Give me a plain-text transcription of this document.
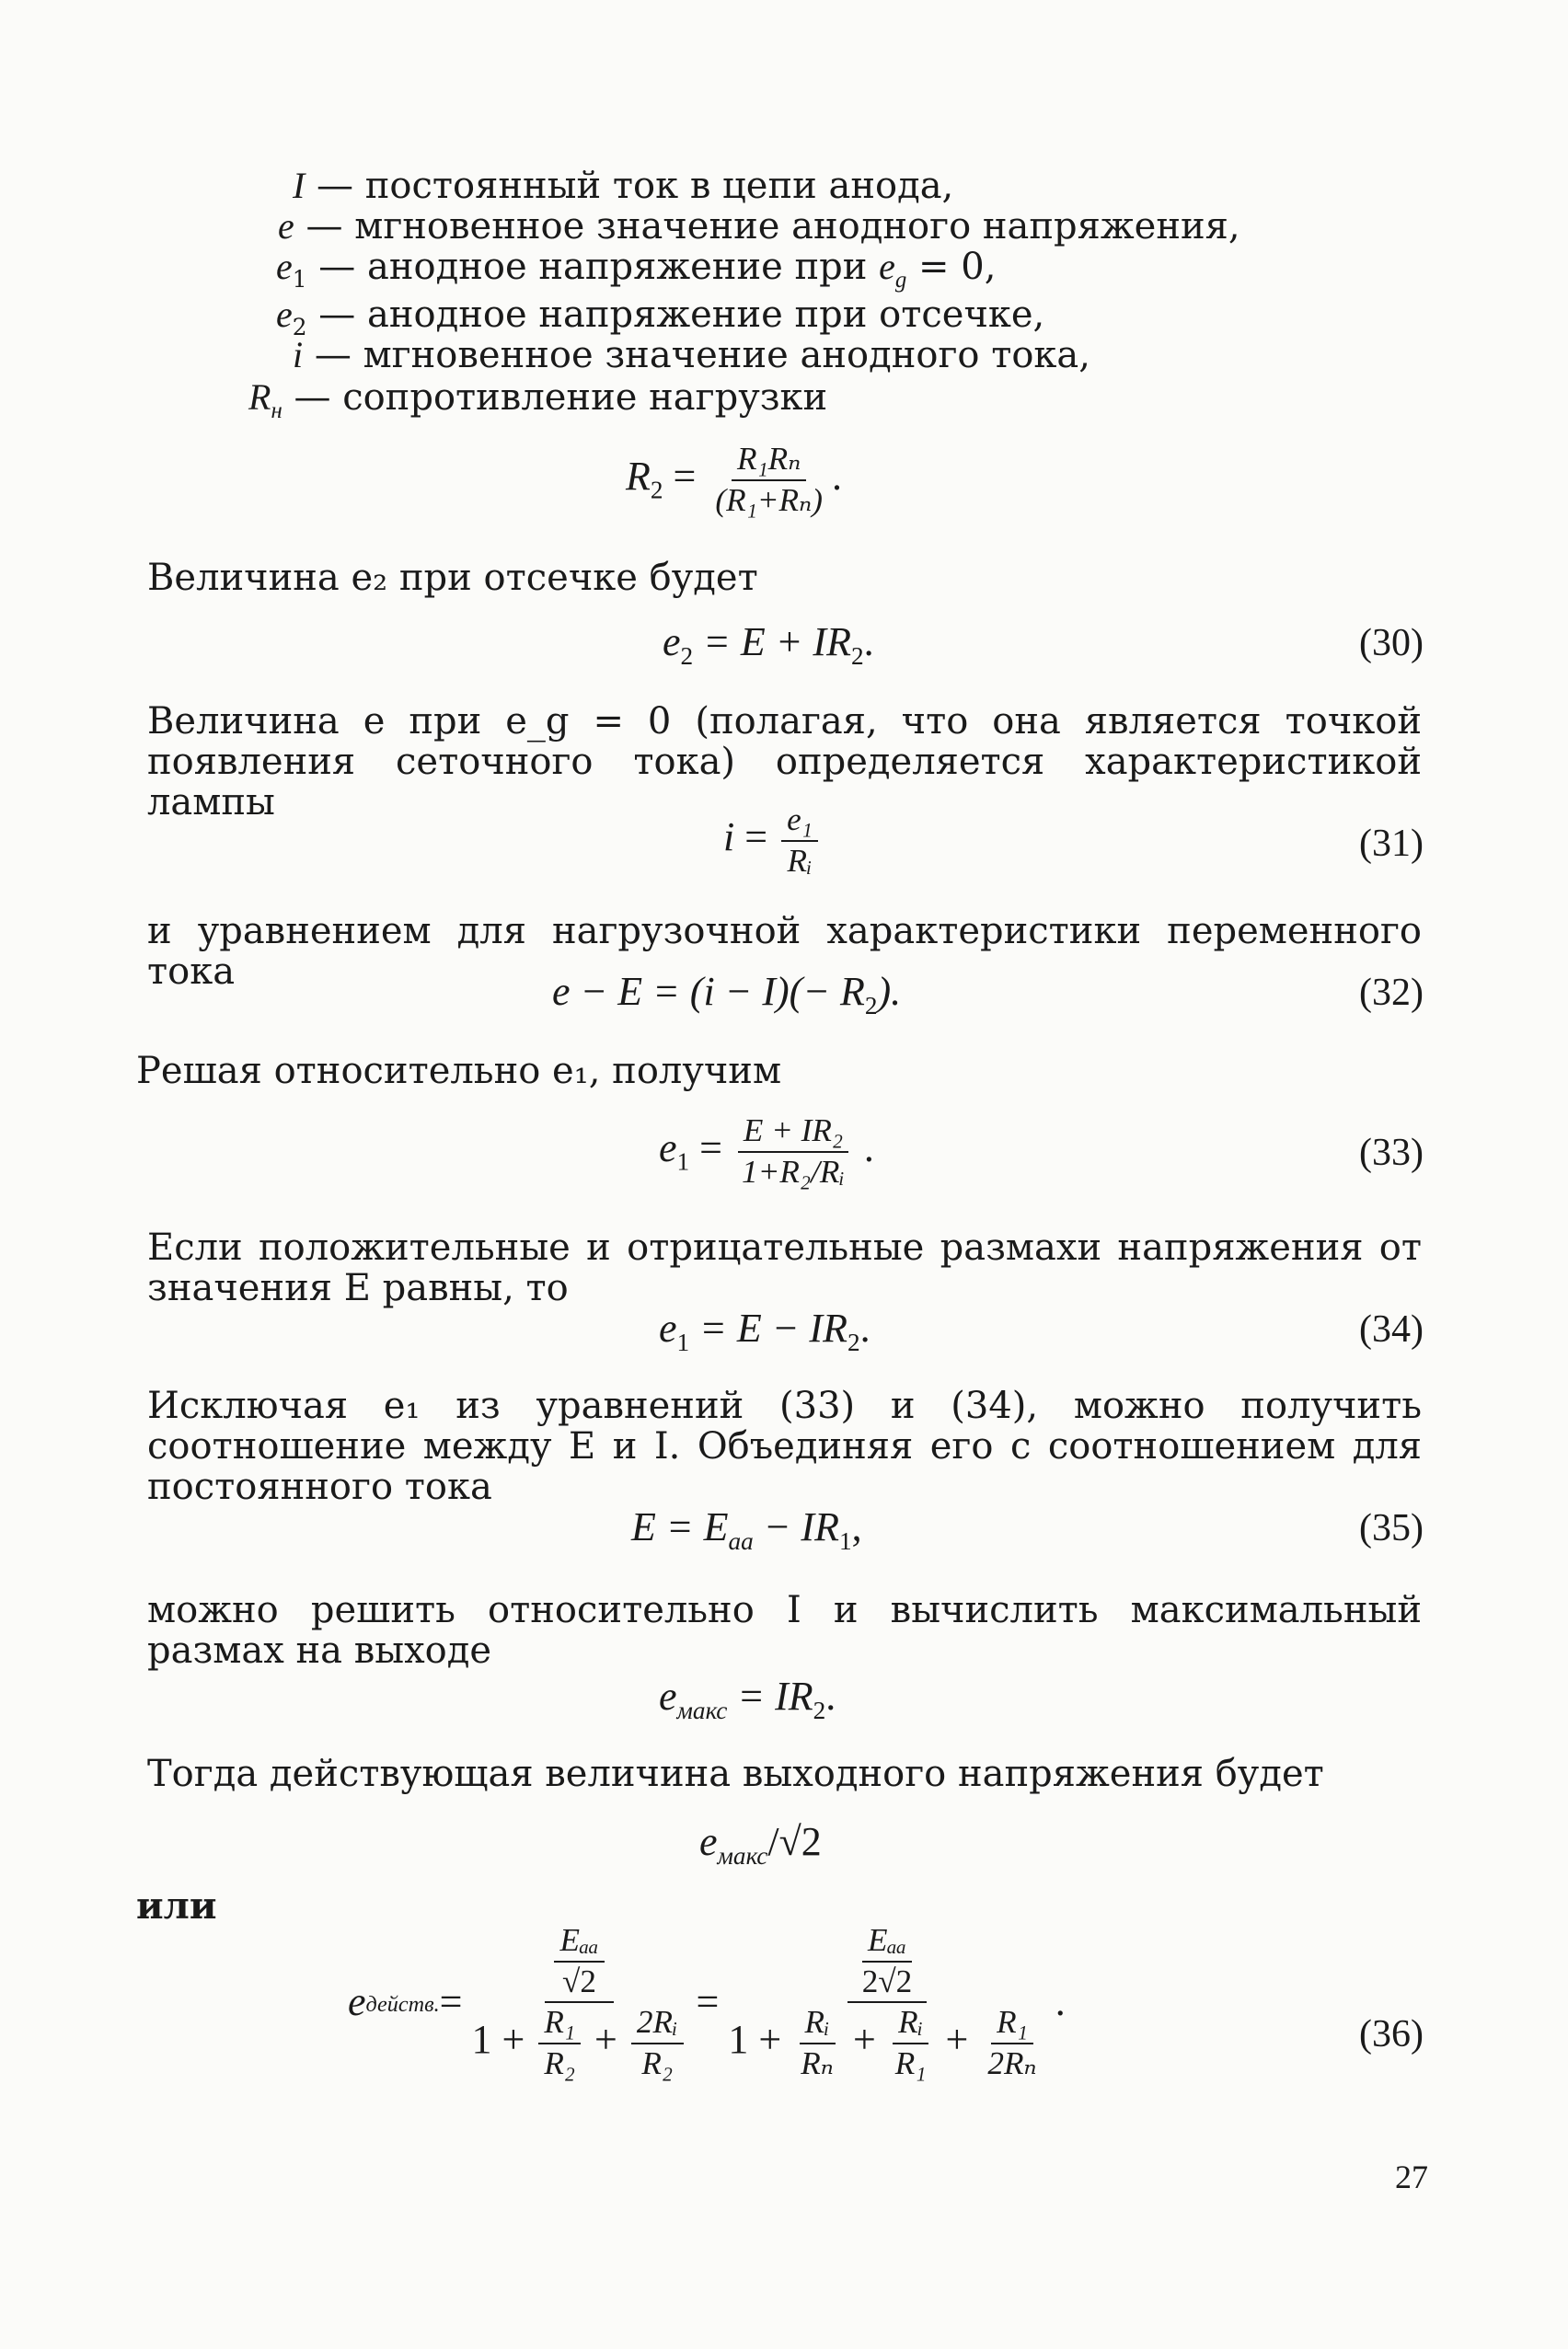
I — постоянный ток в цепи анода,
e — мгновенное значение анодного напряжения,
$e_1$ — анодное напряжение при $e_g = 0$,
$e_2$ — анодное напряжение при отсечке,
i — мгновенное значение анодного тока,
$R_н$ — сопротивление нагрузки
$R_2 = \frac{\text{R₁Rₙ}}{\text{(R₁+Rₙ)}}$ .
Величина e₂ при отсечке будет
$e_2 = E + IR_2$.	(30)
Величина e при e_g = 0 (полагая, что она является точкой появления сеточного тока) определяется характеристикой лампы
$i = \frac{\text{e₁}}{\text{Rᵢ}}$	(31)
и уравнением для нагрузочной характеристики переменного тока	$e - E = (i - I)(- R_2)$.	(32)
Решая относительно e₁, получим
$e_1 = \frac{\text{E + IR₂}}{\text{1+R₂/Rᵢ}}$ .	(33)
Если положительные и отрицательные размахи напряжения от значения E равны, то
$e_1 = E - IR_2$.	(34)
Исключая e₁ из уравнений (33) и (34), можно получить соотношение между E и I. Объединяя его с соотношением для постоянного тока
$E = E_{aa} - IR_1$,	(35)
можно решить относительно I и вычислить максимальный размах на выходе
$e_{макс} = IR_2$.
Тогда действующая величина выходного напряжения будет
$e_{макс}/√2$
или
e действ. = $\frac{\frac{\text{Eₐₐ}}{√2}}{1 + \frac{\text{R₁}}{\text{R₂}} + \frac{\text{2Rᵢ}}{\text{R₂}}} = \frac{\frac{\text{Eₐₐ}}{2√2}}{1 + \frac{\text{Rᵢ}}{\text{Rₙ}} + \frac{\text{Rᵢ}}{\text{R₁}} + \frac{\text{R₁}}{\text{2Rₙ}}}$ .
(36)
27
